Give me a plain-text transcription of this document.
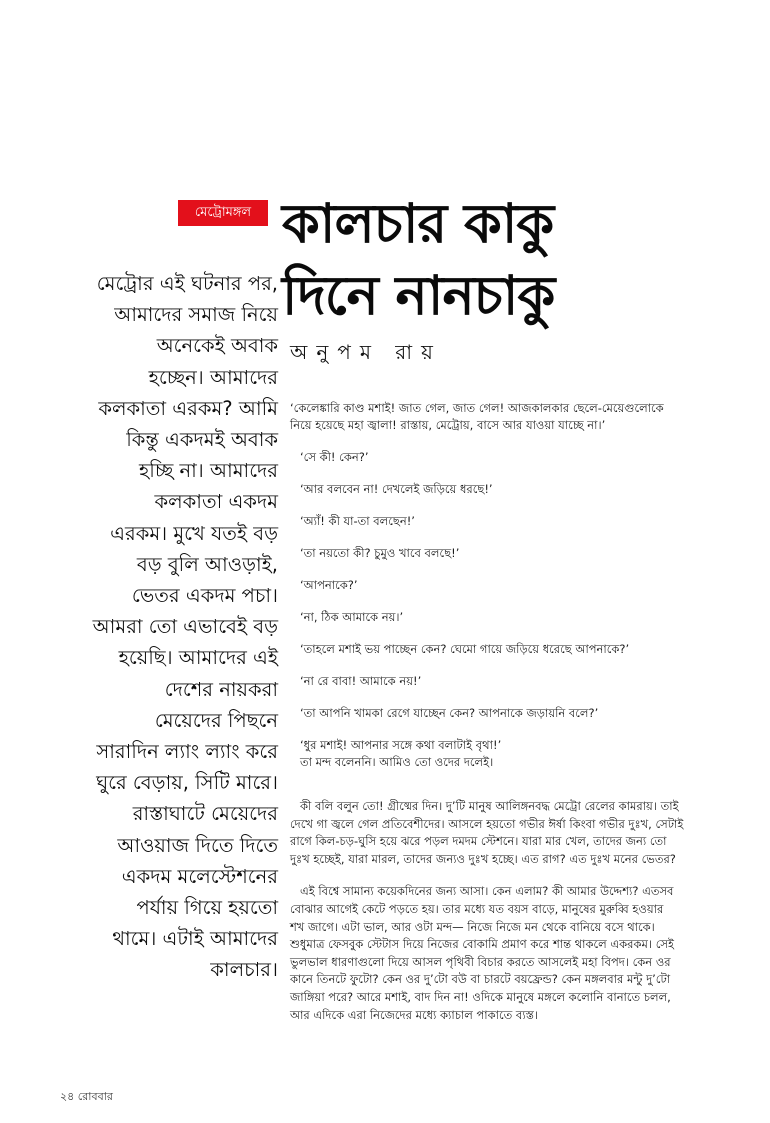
মেট্রোমঙ্গল কালচার কাকু
দিনে নানচাকু
অনুপম রায়
মেট্রোর এই ঘটনার পর,
আমাদের সমাজ নিয়ে
অনেকেই অবাক
হচ্ছেন। আমাদের
কলকাতা এরকম? আমি
কিন্তু একদমই অবাক
হচ্ছি না। আমাদের
কলকাতা একদম
এরকম। মুখে যতই বড়
বড় বুলি আওড়াই,
ভেতর একদম পচা।
আমরা তো এভাবেই বড়
হয়েছি। আমাদের এই
দেশের নায়করা
মেয়েদের পিছনে
সারাদিন ল্যাং ল্যাং করে
ঘুরে বেড়ায়, সিটি মারে।
রাস্তাঘাটে মেয়েদের
আওয়াজ দিতে দিতে
একদম মলেস্টেশনের
পর্যায় গিয়ে হয়তো
থামে। এটাই আমাদের
কালচার।
‘কেলেঙ্কারি কাণ্ড মশাই! জাত গেল, জাত গেল! আজকালকার ছেলে-মেয়েগুলোকে
নিয়ে হয়েছে মহা জ্বালা! রাস্তায়, মেট্রোয়, বাসে আর যাওয়া যাচ্ছে না।’
‘সে কী! কেন?’
‘আর বলবেন না! দেখলেই জড়িয়ে ধরছে!’
‘অ্যাঁ! কী যা-তা বলছেন!’
‘তা নয়তো কী? চুমুও খাবে বলছে!’
‘আপনাকে?’
‘না, ঠিক আমাকে নয়।’
‘তাহলে মশাই ভয় পাচ্ছেন কেন? ঘেমো গায়ে জড়িয়ে ধরেছে আপনাকে?’
‘না রে বাবা! আমাকে নয়!’
‘তা আপনি খামকা রেগে যাচ্ছেন কেন? আপনাকে জড়ায়নি বলে?’
‘ধুর মশাই! আপনার সঙ্গে কথা বলাটাই বৃথা!’
তা মন্দ বলেননি। আমিও তো ওদের দলেই।
কী বলি বলুন তো! গ্রীষ্মের দিন। দু’টি মানুষ আলিঙ্গনবদ্ধ মেট্রো রেলের কামরায়। তাই
দেখে গা জ্বলে গেল প্রতিবেশীদের। আসলে হয়তো গভীর ঈর্ষা কিংবা গভীর দুঃখ, সেটাই
রাগে কিল-চড়-ঘুসি হয়ে ঝরে পড়ল দমদম স্টেশনে। যারা মার খেল, তাদের জন্য তো
দুঃখ হচ্ছেই, যারা মারল, তাদের জন্যও দুঃখ হচ্ছে। এত রাগ? এত দুঃখ মনের ভেতর?
এই বিশ্বে সামান্য কয়েকদিনের জন্য আসা। কেন এলাম? কী আমার উদ্দেশ্য? এতসব
বোঝার আগেই কেটে পড়তে হয়। তার মধ্যে যত বয়স বাড়ে, মানুষের মুরুব্বি হওয়ার
শখ জাগে। এটা ভাল, আর ওটা মন্দ— নিজে নিজে মন থেকে বানিয়ে বসে থাকে।
শুধুমাত্র ফেসবুক স্টেটাস দিয়ে নিজের বোকামি প্রমাণ করে শান্ত থাকলে একরকম। সেই
ভুলভাল ধারণাগুলো দিয়ে আসল পৃথিবী বিচার করতে আসলেই মহা বিপদ। কেন ওর
কানে তিনটে ফুটো? কেন ওর দু’টো বউ বা চারটে বয়ফ্রেন্ড? কেন মঙ্গলবার মন্টু দু’টো
জাঙ্গিয়া পরে? আরে মশাই, বাদ দিন না! ওদিকে মানুষে মঙ্গলে কলোনি বানাতে চলল,
আর এদিকে এরা নিজেদের মধ্যে ক্যাচাল পাকাতে ব্যস্ত।
২৪ রোববার
